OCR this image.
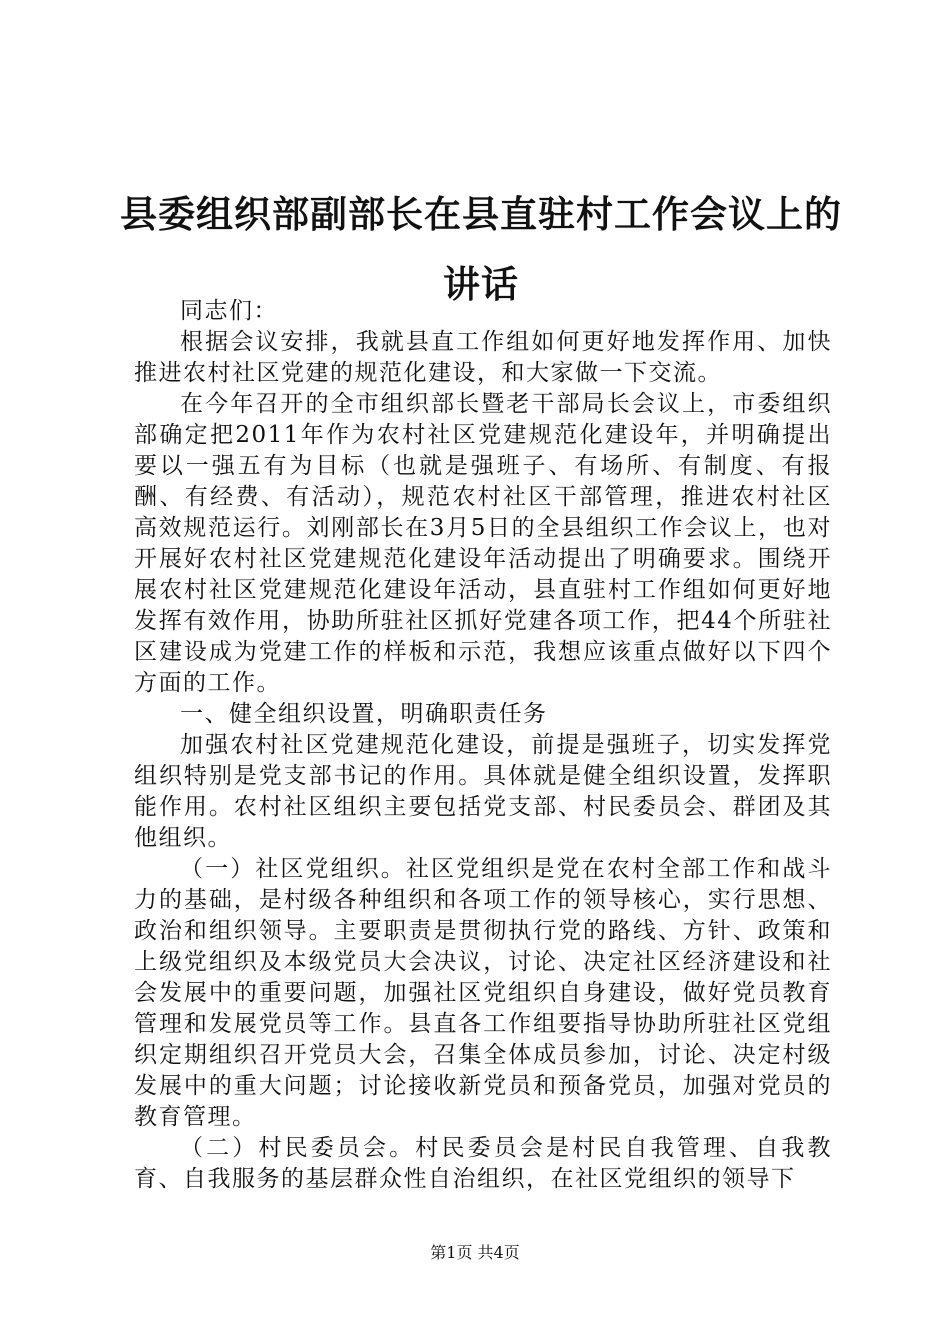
县委组织部副部长在县直驻村工作会议上的讲话

同志们：

根据会议安排，我就县直工作组如何更好地发挥作用、加快推进农村社区党建的规范化建设，和大家做一下交流。

在今年召开的全市组织部长暨老干部局长会议上，市委组织部确定把2011年作为农村社区党建规范化建设年，并明确提出要以一强五有为目标（也就是强班子、有场所、有制度、有报酬、有经费、有活动），规范农村社区干部管理，推进农村社区高效规范运行。刘刚部长在3月5日的全县组织工作会议上，也对开展好农村社区党建规范化建设年活动提出了明确要求。围绕开展农村社区党建规范化建设年活动，县直驻村工作组如何更好地发挥有效作用，协助所驻社区抓好党建各项工作，把44个所驻社区建设成为党建工作的样板和示范，我想应该重点做好以下四个方面的工作。

一、健全组织设置，明确职责任务

加强农村社区党建规范化建设，前提是强班子，切实发挥党组织特别是党支部书记的作用。具体就是健全组织设置，发挥职能作用。农村社区组织主要包括党支部、村民委员会、群团及其他组织。

（一）社区党组织。社区党组织是党在农村全部工作和战斗力的基础，是村级各种组织和各项工作的领导核心，实行思想、政治和组织领导。主要职责是贯彻执行党的路线、方针、政策和上级党组织及本级党员大会决议，讨论、决定社区经济建设和社会发展中的重要问题，加强社区党组织自身建设，做好党员教育管理和发展党员等工作。县直各工作组要指导协助所驻社区党组织定期组织召开党员大会，召集全体成员参加，讨论、决定村级发展中的重大问题；讨论接收新党员和预备党员，加强对党员的教育管理。

（二）村民委员会。村民委员会是村民自我管理、自我教育、自我服务的基层群众性自治组织，在社区党组织的领导下

第1页 共4页
